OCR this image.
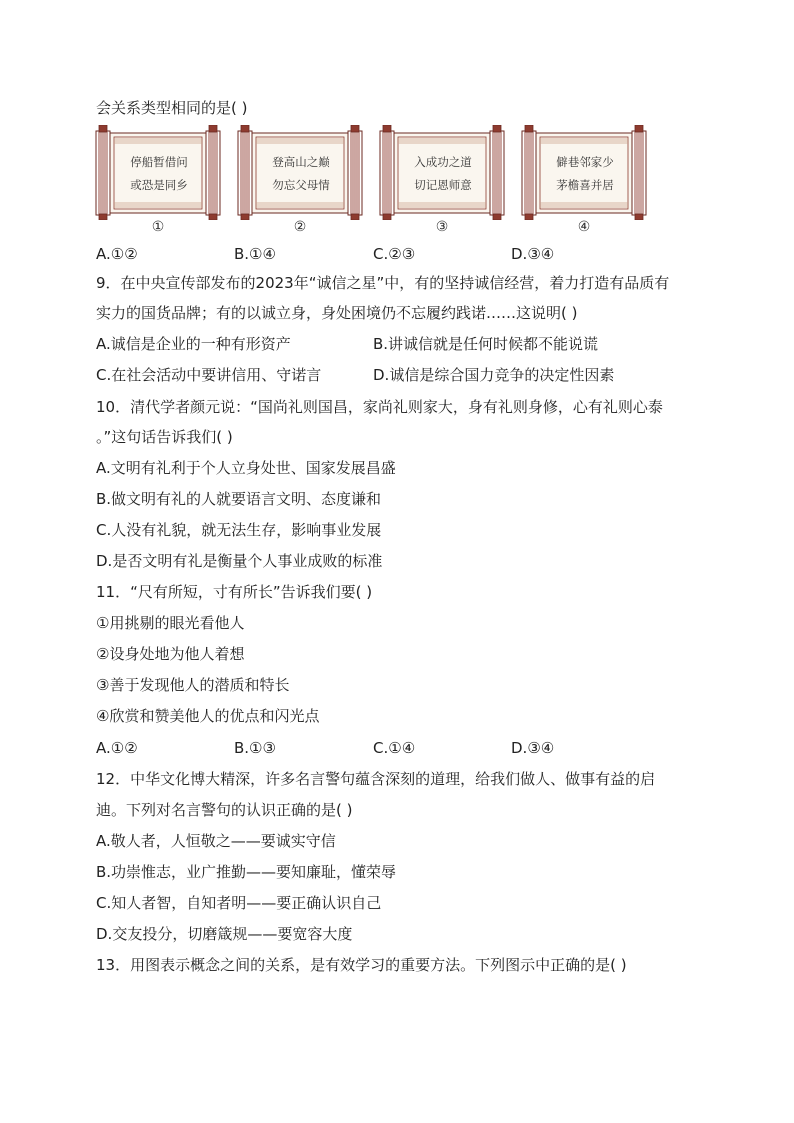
会关系类型相同的是( )
停船暂借问
或恐是同乡
①
登高山之巅
勿忘父母情
②
入成功之道
切记恩师意
③
僻巷邻家少
茅檐喜并居
④
A.①②	B.①④	C.②③	D.③④
9．在中央宣传部发布的2023年“诚信之星”中，有的坚持诚信经营，着力打造有品质有
实力的国货品牌；有的以诚立身，身处困境仍不忘履约践诺……这说明( )
A.诚信是企业的一种有形资产	B.讲诚信就是任何时候都不能说谎
C.在社会活动中要讲信用、守诺言	D.诚信是综合国力竞争的决定性因素
10．清代学者颜元说：“国尚礼则国昌，家尚礼则家大，身有礼则身修，心有礼则心泰
。”这句话告诉我们( )
A.文明有礼利于个人立身处世、国家发展昌盛
B.做文明有礼的人就要语言文明、态度谦和
C.人没有礼貌，就无法生存，影响事业发展
D.是否文明有礼是衡量个人事业成败的标准
11．“尺有所短，寸有所长”告诉我们要( )
①用挑剔的眼光看他人
②设身处地为他人着想
③善于发现他人的潜质和特长
④欣赏和赞美他人的优点和闪光点
A.①②	B.①③	C.①④	D.③④
12．中华文化博大精深，许多名言警句蕴含深刻的道理，给我们做人、做事有益的启
迪。下列对名言警句的认识正确的是( )
A.敬人者，人恒敬之——要诚实守信
B.功崇惟志，业广推勤——要知廉耻，懂荣辱
C.知人者智，自知者明——要正确认识自己
D.交友投分，切磨箴规——要宽容大度
13．用图表示概念之间的关系，是有效学习的重要方法。下列图示中正确的是( )
